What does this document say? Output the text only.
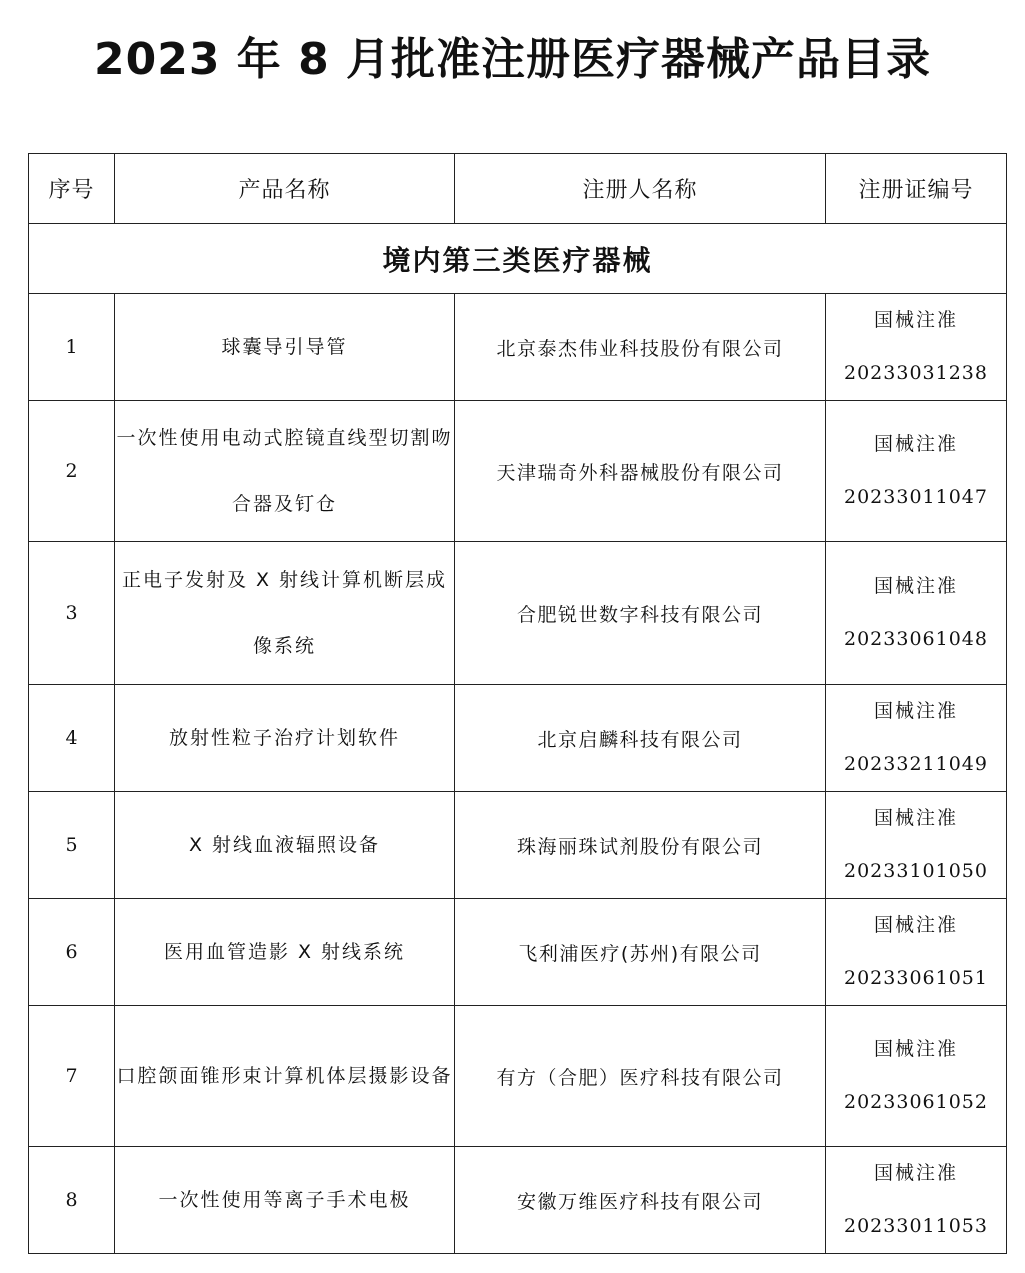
2023 年 8 月批准注册医疗器械产品目录
序号	产品名称	注册人名称	注册证编号
境内第三类医疗器械			
1	球囊导引导管	北京泰杰伟业科技股份有限公司	国械注准
20233031238

2	一次性使用电动式腔镜直线型切割吻合器及钉仓	天津瑞奇外科器械股份有限公司	国械注准
20233011047

3	正电子发射及 X 射线计算机断层成像系统	合肥锐世数字科技有限公司	国械注准
20233061048

4	放射性粒子治疗计划软件	北京启麟科技有限公司	国械注准
20233211049

5	X 射线血液辐照设备	珠海丽珠试剂股份有限公司	国械注准
20233101050

6	医用血管造影 X 射线系统	飞利浦医疗(苏州)有限公司	国械注准
20233061051

7	口腔颌面锥形束计算机体层摄影设备	有方（合肥）医疗科技有限公司	国械注准
20233061052

8	一次性使用等离子手术电极	安徽万维医疗科技有限公司	国械注准
20233011053
